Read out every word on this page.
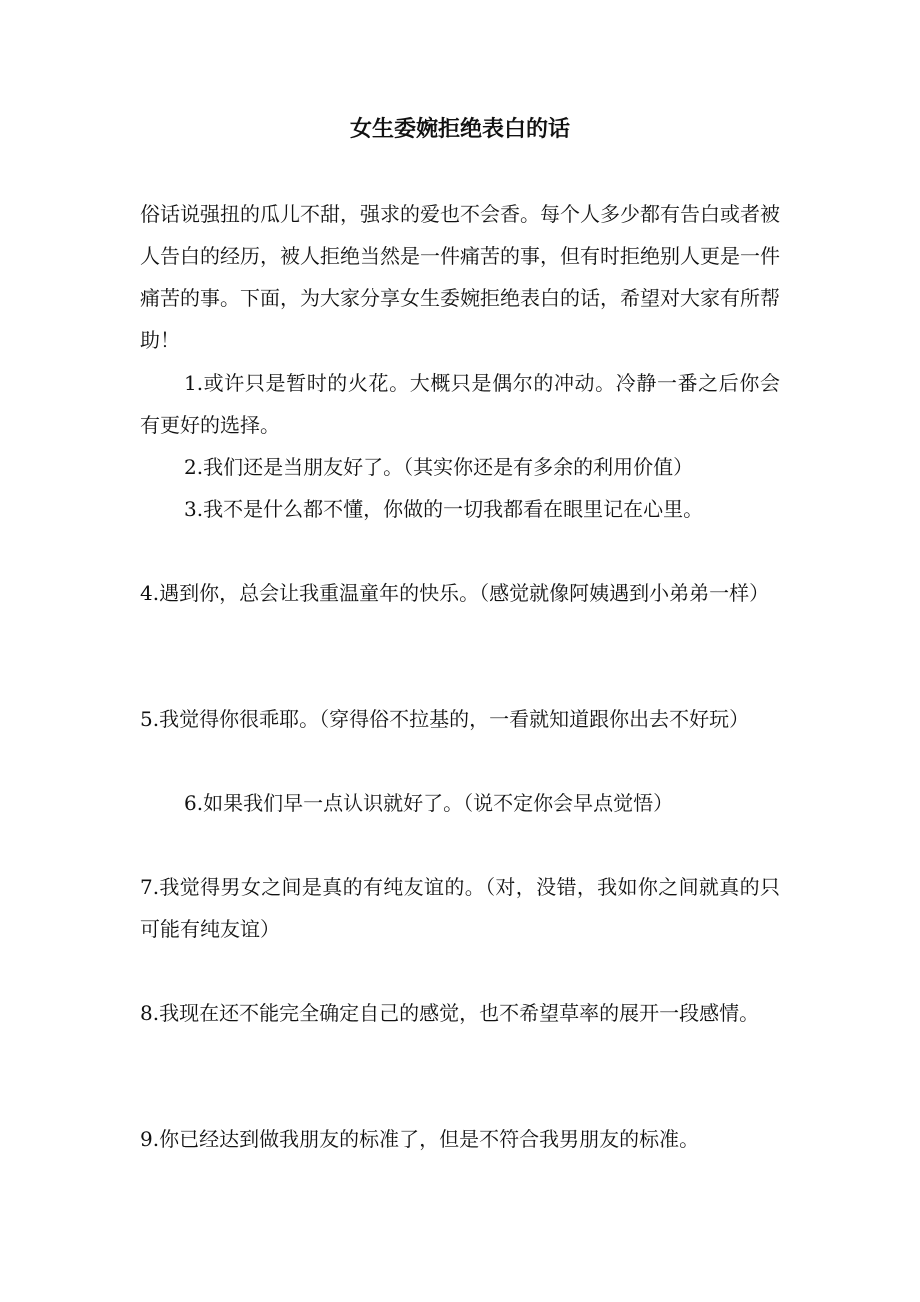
女生委婉拒绝表白的话
俗话说强扭的瓜儿不甜，强求的爱也不会香。每个人多少都有告白或者被人告白的经历，被人拒绝当然是一件痛苦的事，但有时拒绝别人更是一件痛苦的事。下面，为大家分享女生委婉拒绝表白的话，希望对大家有所帮助！
1.或许只是暂时的火花。大概只是偶尔的冲动。冷静一番之后你会有更好的选择。
2.我们还是当朋友好了。（其实你还是有多余的利用价值）
3.我不是什么都不懂，你做的一切我都看在眼里记在心里。
4.遇到你，总会让我重温童年的快乐。（感觉就像阿姨遇到小弟弟一样）
5.我觉得你很乖耶。（穿得俗不拉基的，一看就知道跟你出去不好玩）
6.如果我们早一点认识就好了。（说不定你会早点觉悟）
7.我觉得男女之间是真的有纯友谊的。（对，没错，我如你之间就真的只可能有纯友谊）
8.我现在还不能完全确定自己的感觉，也不希望草率的展开一段感情。
9.你已经达到做我朋友的标准了，但是不符合我男朋友的标准。
